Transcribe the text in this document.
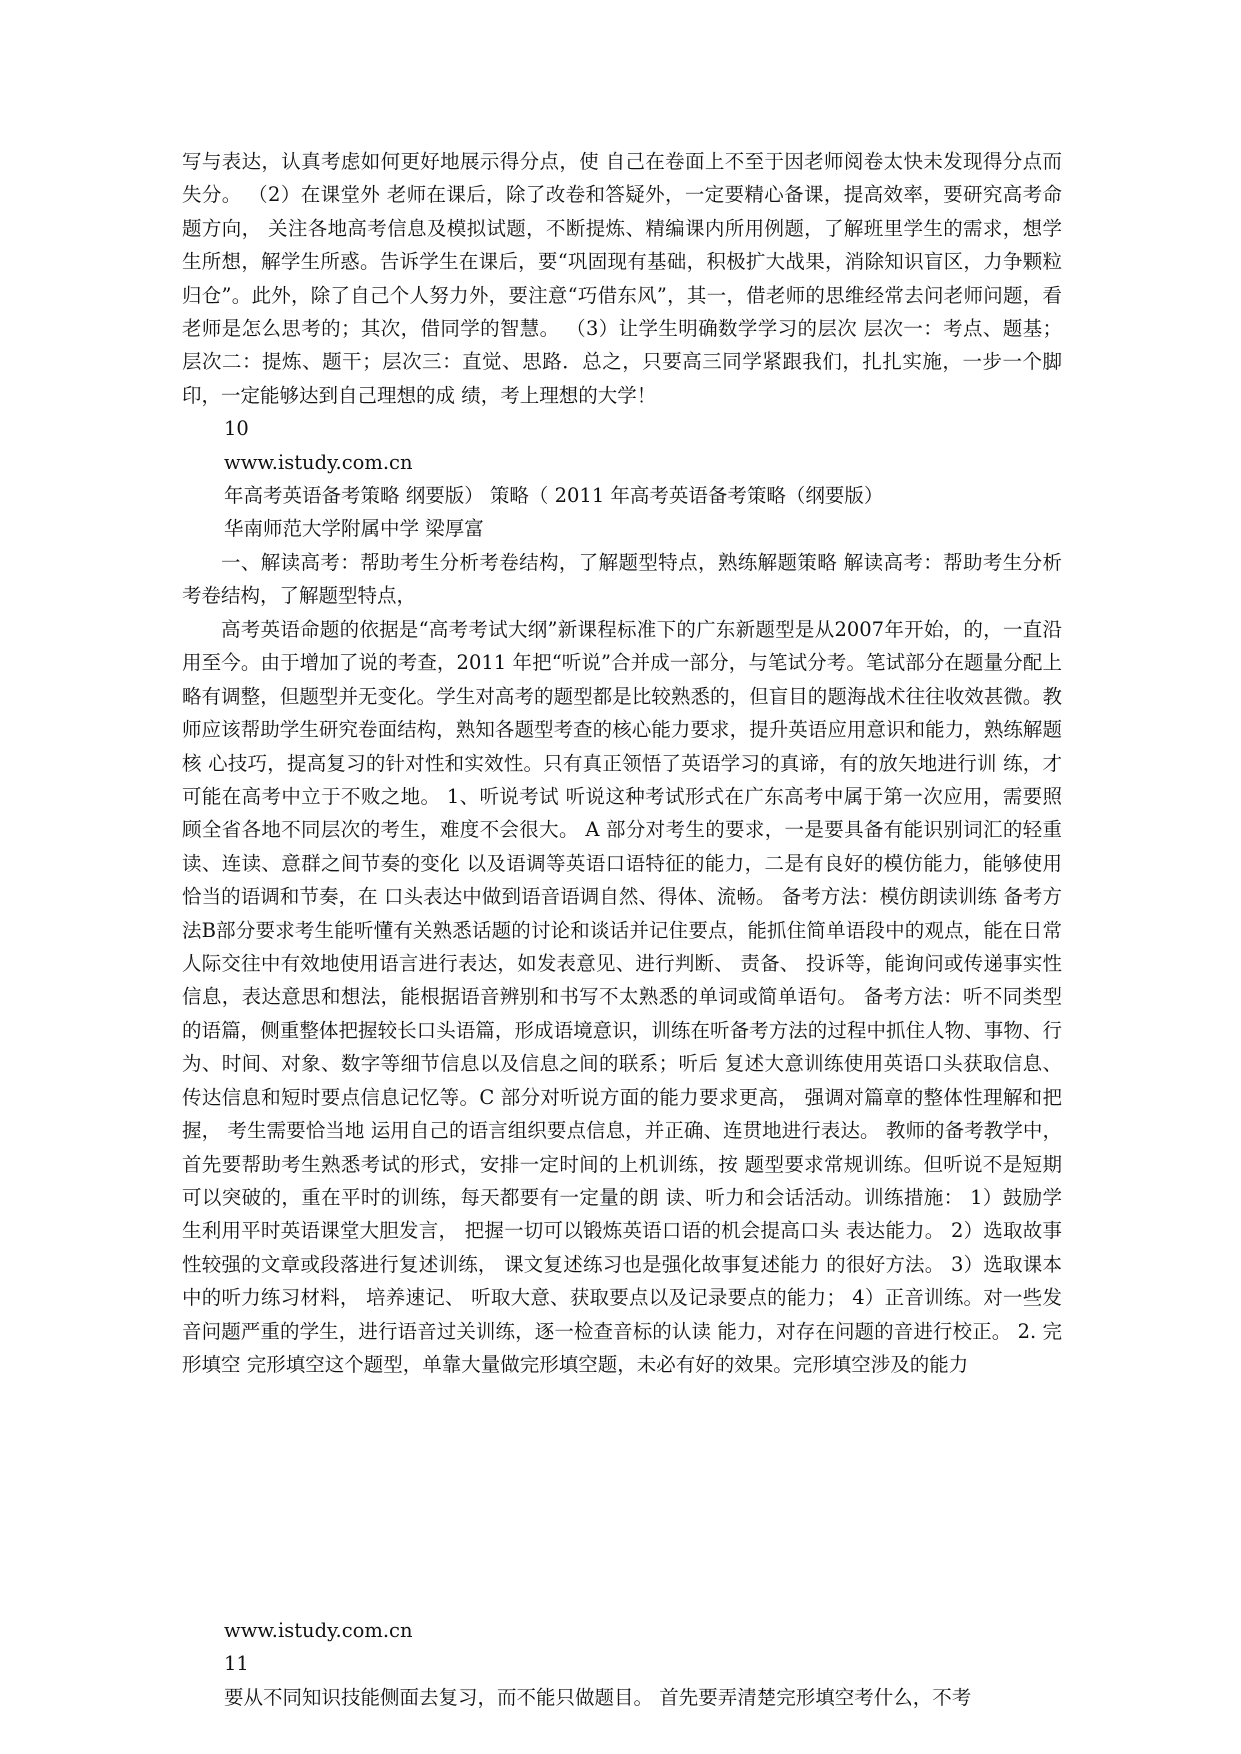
写与表达，认真考虑如何更好地展示得分点，使 自己在卷面上不至于因老师阅卷太快未发现得分点而失分。 （2）在课堂外 老师在课后，除了改卷和答疑外，一定要精心备课，提高效率，要研究高考命题方向， 关注各地高考信息及模拟试题，不断提炼、精编课内所用例题，了解班里学生的需求，想学生所想，解学生所惑。告诉学生在课后，要“巩固现有基础，积极扩大战果，消除知识盲区，力争颗粒归仓”。此外，除了自己个人努力外，要注意“巧借东风”，其一，借老师的思维经常去问老师问题，看老师是怎么思考的；其次，借同学的智慧。 （3）让学生明确数学学习的层次 层次一：考点、题基；层次二：提炼、题干；层次三：直觉、思路．总之，只要高三同学紧跟我们，扎扎实施，一步一个脚印，一定能够达到自己理想的成 绩，考上理想的大学！

10

www.istudy.com.cn

年高考英语备考策略 纲要版） 策略（ 2011 年高考英语备考策略（纲要版）

华南师范大学附属中学 梁厚富

一、解读高考：帮助考生分析考卷结构，了解题型特点，熟练解题策略 解读高考：帮助考生分析考卷结构，了解题型特点，

高考英语命题的依据是“高考考试大纲”新课程标准下的广东新题型是从2007年开始，的，一直沿用至今。由于增加了说的考查，2011 年把“听说”合并成一部分，与笔试分考。笔试部分在题量分配上略有调整，但题型并无变化。学生对高考的题型都是比较熟悉的，但盲目的题海战术往往收效甚微。教师应该帮助学生研究卷面结构，熟知各题型考查的核心能力要求，提升英语应用意识和能力，熟练解题核 心技巧，提高复习的针对性和实效性。只有真正领悟了英语学习的真谛，有的放矢地进行训 练，才可能在高考中立于不败之地。 1、听说考试 听说这种考试形式在广东高考中属于第一次应用，需要照顾全省各地不同层次的考生，难度不会很大。 A 部分对考生的要求，一是要具备有能识别词汇的轻重读、连读、意群之间节奏的变化 以及语调等英语口语特征的能力，二是有良好的模仿能力，能够使用恰当的语调和节奏，在 口头表达中做到语音语调自然、得体、流畅。 备考方法：模仿朗读训练 备考方法B部分要求考生能听懂有关熟悉话题的讨论和谈话并记住要点，能抓住简单语段中的观点，能在日常人际交往中有效地使用语言进行表达，如发表意见、进行判断、 责备、 投诉等，能询问或传递事实性信息，表达意思和想法，能根据语音辨别和书写不太熟悉的单词或简单语句。 备考方法：听不同类型的语篇，侧重整体把握较长口头语篇，形成语境意识，训练在听备考方法的过程中抓住人物、事物、行为、时间、对象、数字等细节信息以及信息之间的联系；听后 复述大意训练使用英语口头获取信息、传达信息和短时要点信息记忆等。C 部分对听说方面的能力要求更高， 强调对篇章的整体性理解和把握， 考生需要恰当地 运用自己的语言组织要点信息，并正确、连贯地进行表达。 教师的备考教学中，首先要帮助考生熟悉考试的形式，安排一定时间的上机训练，按 题型要求常规训练。但听说不是短期可以突破的，重在平时的训练，每天都要有一定量的朗 读、听力和会话活动。训练措施： 1）鼓励学生利用平时英语课堂大胆发言， 把握一切可以锻炼英语口语的机会提高口头 表达能力。 2）选取故事性较强的文章或段落进行复述训练， 课文复述练习也是强化故事复述能力 的很好方法。 3）选取课本中的听力练习材料， 培养速记、 听取大意、获取要点以及记录要点的能力； 4）正音训练。对一些发音问题严重的学生，进行语音过关训练，逐一检查音标的认读 能力，对存在问题的音进行校正。 2. 完形填空 完形填空这个题型，单靠大量做完形填空题，未必有好的效果。完形填空涉及的能力

www.istudy.com.cn

11

要从不同知识技能侧面去复习，而不能只做题目。 首先要弄清楚完形填空考什么，不考
